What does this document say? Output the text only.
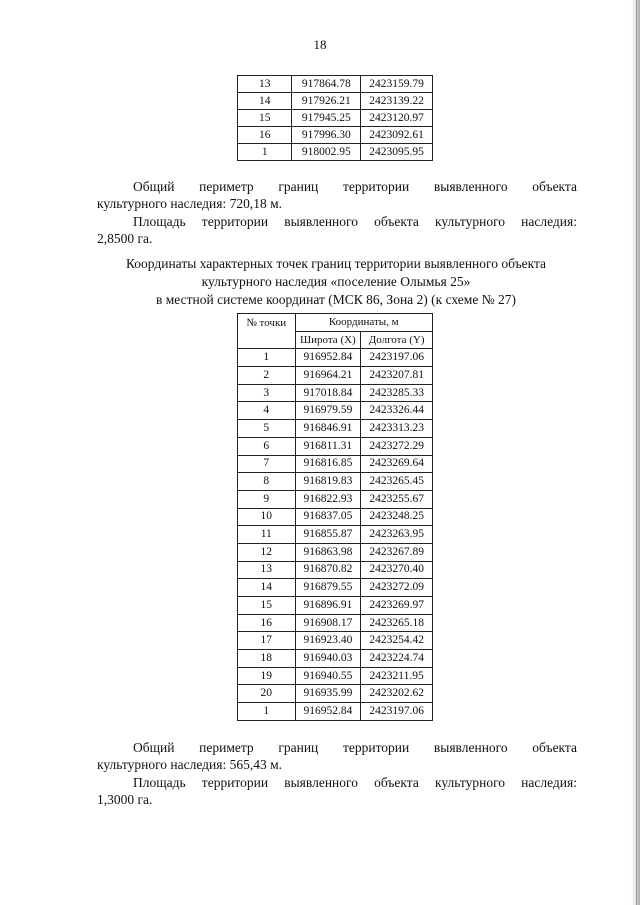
18
13	917864.78	2423159.79
14	917926.21	2423139.22
15	917945.25	2423120.97
16	917996.30	2423092.61
1	918002.95	2423095.95
Общий периметр границ территории выявленного объекта
культурного наследия: 720,18 м.
Площадь территории выявленного объекта культурного наследия:
2,8500 га.
Координаты характерных точек границ территории выявленного объекта
культурного наследия «поселение Олымья 25»
в местной системе координат (МСК 86, Зона 2) (к схеме № 27)
№ точки	Координаты, м	
	Широта (X)	Долгота (Y)
1	916952.84	2423197.06
2	916964.21	2423207.81
3	917018.84	2423285.33
4	916979.59	2423326.44
5	916846.91	2423313.23
6	916811.31	2423272.29
7	916816.85	2423269.64
8	916819.83	2423265.45
9	916822.93	2423255.67
10	916837.05	2423248.25
11	916855.87	2423263.95
12	916863.98	2423267.89
13	916870.82	2423270.40
14	916879.55	2423272.09
15	916896.91	2423269.97
16	916908.17	2423265.18
17	916923.40	2423254.42
18	916940.03	2423224.74
19	916940.55	2423211.95
20	916935.99	2423202.62
1	916952.84	2423197.06
Общий периметр границ территории выявленного объекта
культурного наследия: 565,43 м.
Площадь территории выявленного объекта культурного наследия:
1,3000 га.
